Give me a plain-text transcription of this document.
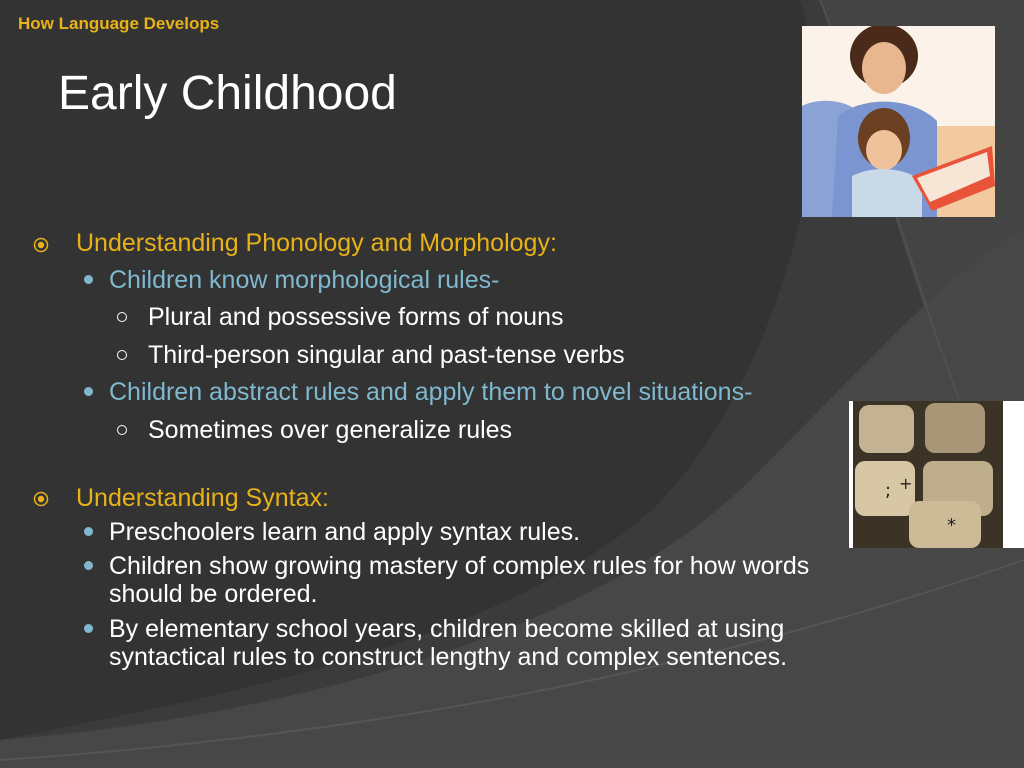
How Language Develops
Early Childhood
; +
*
Understanding Phonology and Morphology:
Children know morphological rules-
Plural and possessive forms of nouns
Third-person singular and past-tense verbs
Children abstract rules and apply them to novel situations-
Sometimes over generalize rules
Understanding Syntax:
Preschoolers learn and apply syntax rules.
Children show growing mastery of complex rules for how words
should be ordered.
By elementary school years, children become skilled at using
syntactical rules to construct lengthy and complex sentences.
